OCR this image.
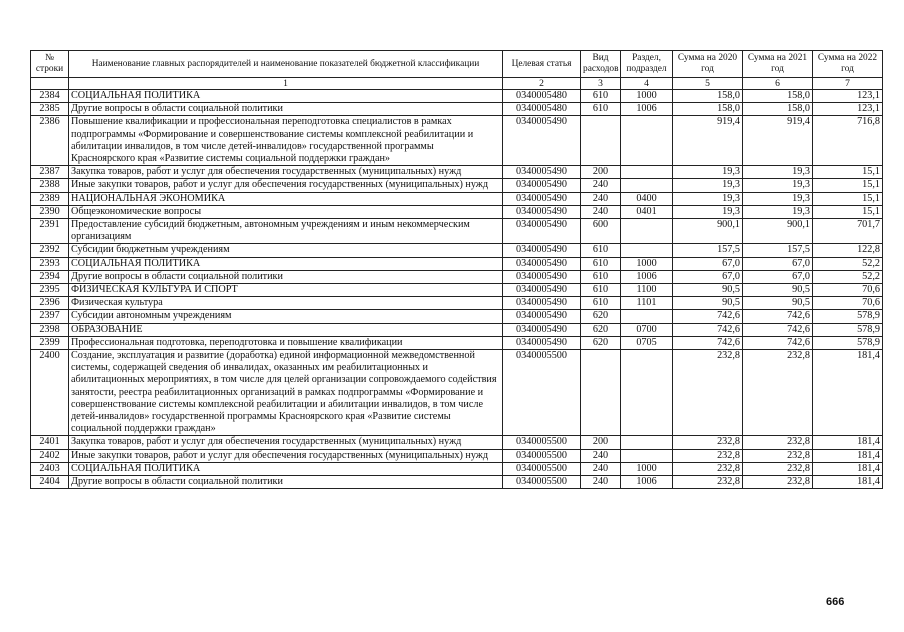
№ строки	Наименование главных распорядителей и наименование показателей бюджетной классификации	Целевая статья	Вид расходов	Раздел, подраздел	Сумма на 2020 год	Сумма на 2021 год	Сумма на 2022 год
	1	2	3	4	5	6	7
2384	СОЦИАЛЬНАЯ ПОЛИТИКА	0340005480	610	1000	158,0	158,0	123,1
2385	Другие вопросы в области социальной политики	0340005480	610	1006	158,0	158,0	123,1
2386	Повышение квалификации и профессиональная переподготовка специалистов в рамках подпрограммы «Формирование и совершенствование системы комплексной реабилитации и абилитации инвалидов, в том числе детей-инвалидов» государственной программы Красноярского края «Развитие системы социальной поддержки граждан»	0340005490			919,4	919,4	716,8
2387	Закупка товаров, работ и услуг для обеспечения государственных (муниципальных) нужд	0340005490	200		19,3	19,3	15,1
2388	Иные закупки товаров, работ и услуг для обеспечения государственных (муниципальных) нужд	0340005490	240		19,3	19,3	15,1
2389	НАЦИОНАЛЬНАЯ ЭКОНОМИКА	0340005490	240	0400	19,3	19,3	15,1
2390	Общеэкономические вопросы	0340005490	240	0401	19,3	19,3	15,1
2391	Предоставление субсидий бюджетным, автономным учреждениям и иным некоммерческим организациям	0340005490	600		900,1	900,1	701,7
2392	Субсидии бюджетным учреждениям	0340005490	610		157,5	157,5	122,8
2393	СОЦИАЛЬНАЯ ПОЛИТИКА	0340005490	610	1000	67,0	67,0	52,2
2394	Другие вопросы в области социальной политики	0340005490	610	1006	67,0	67,0	52,2
2395	ФИЗИЧЕСКАЯ КУЛЬТУРА И СПОРТ	0340005490	610	1100	90,5	90,5	70,6
2396	Физическая культура	0340005490	610	1101	90,5	90,5	70,6
2397	Субсидии автономным учреждениям	0340005490	620		742,6	742,6	578,9
2398	ОБРАЗОВАНИЕ	0340005490	620	0700	742,6	742,6	578,9
2399	Профессиональная подготовка, переподготовка и повышение квалификации	0340005490	620	0705	742,6	742,6	578,9
2400	Создание, эксплуатация и развитие (доработка) единой информационной межведомственной системы, содержащей сведения об инвалидах, оказанных им реабилитационных и абилитационных мероприятиях, в том числе для целей организации сопровождаемого содействия занятости, реестра реабилитационных организаций в рамках подпрограммы «Формирование и совершенствование системы комплексной реабилитации и абилитации инвалидов, в том числе детей-инвалидов» государственной программы Красноярского края «Развитие системы социальной поддержки граждан»	0340005500			232,8	232,8	181,4
2401	Закупка товаров, работ и услуг для обеспечения государственных (муниципальных) нужд	0340005500	200		232,8	232,8	181,4
2402	Иные закупки товаров, работ и услуг для обеспечения государственных (муниципальных) нужд	0340005500	240		232,8	232,8	181,4
2403	СОЦИАЛЬНАЯ ПОЛИТИКА	0340005500	240	1000	232,8	232,8	181,4
2404	Другие вопросы в области социальной политики	0340005500	240	1006	232,8	232,8	181,4
666
